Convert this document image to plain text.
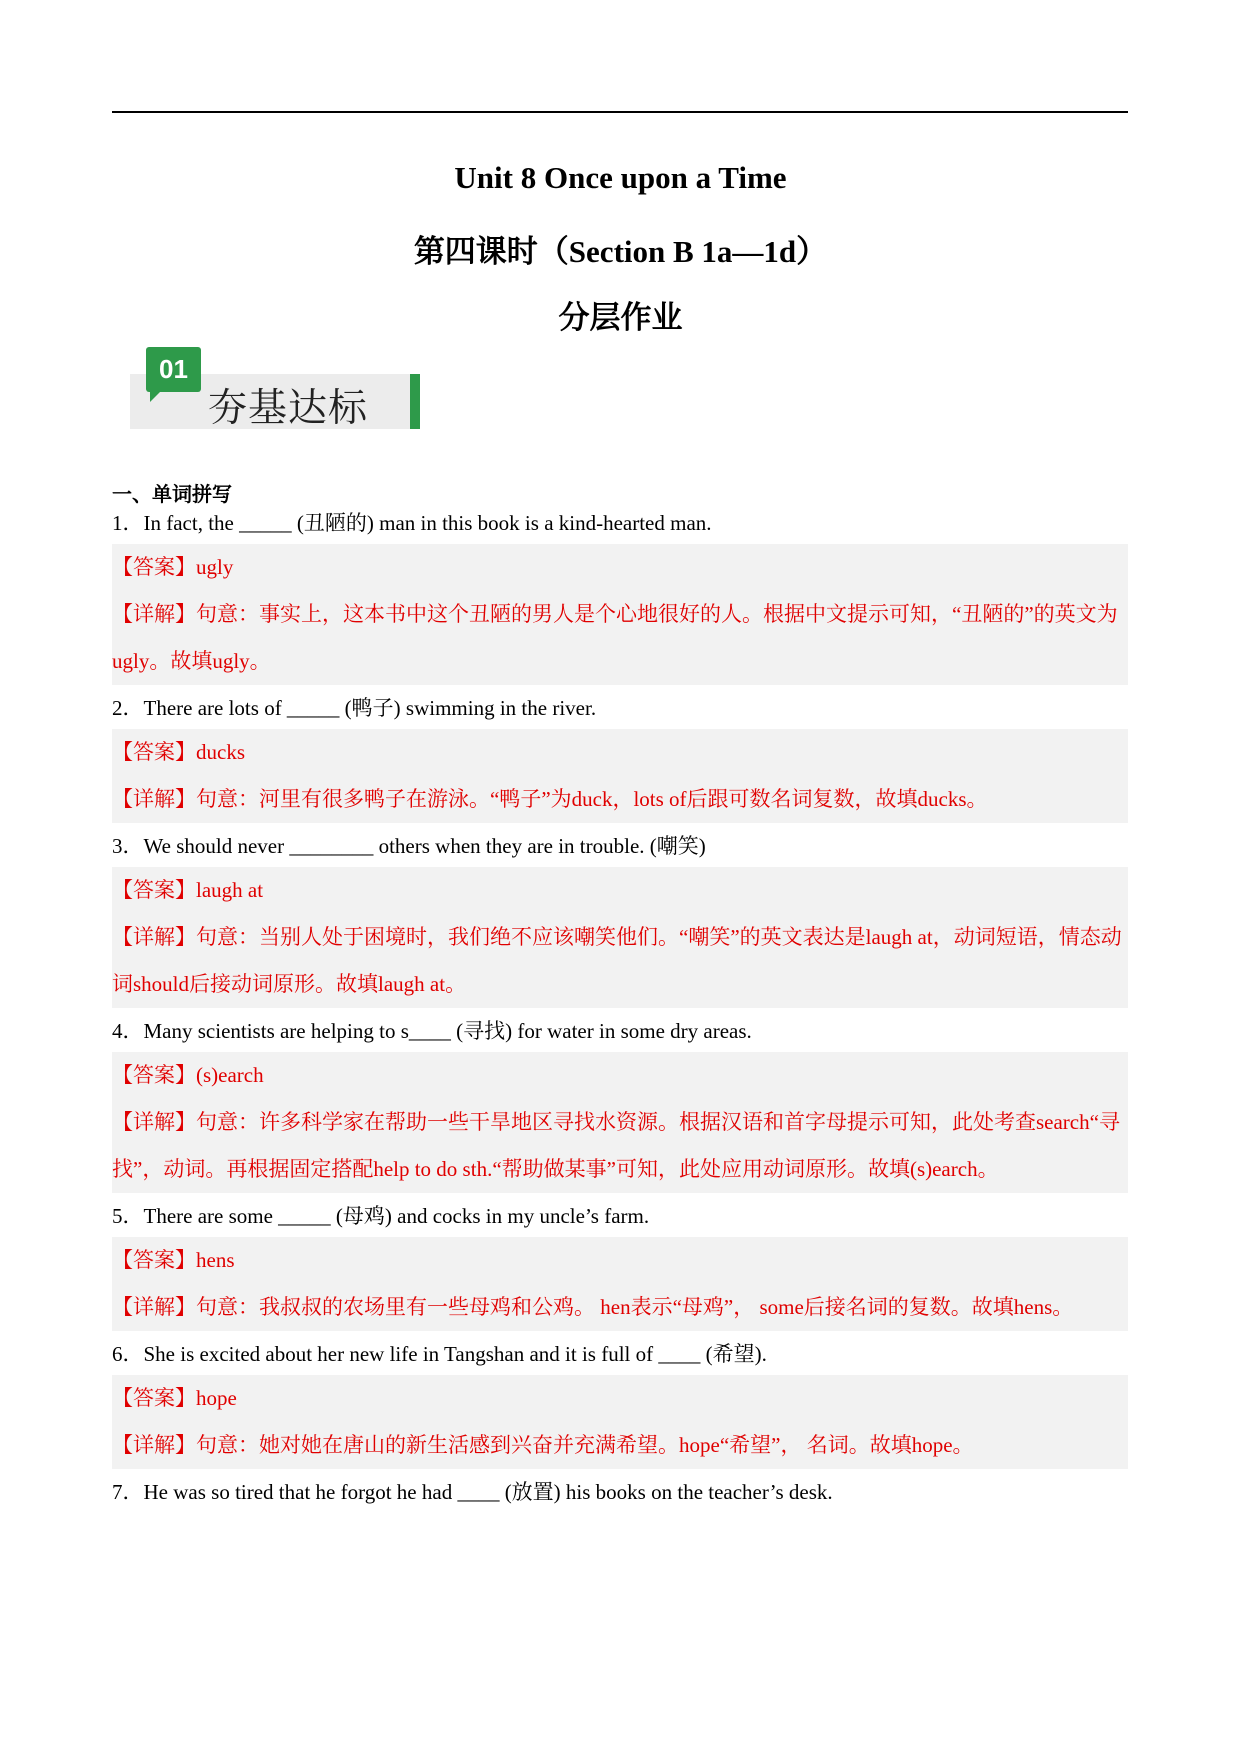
Unit 8 Once upon a Time
第四课时（Section B 1a—1d）
分层作业
01
夯基达标
一、单词拼写
1．In fact, the _____ (丑陋的) man in this book is a kind-hearted man.

【答案】ugly

【详解】句意：事实上，这本书中这个丑陋的男人是个心地很好的人。根据中文提示可知，“丑陋的”的英文为ugly。故填ugly。

2．There are lots of _____ (鸭子) swimming in the river.

【答案】ducks

【详解】句意：河里有很多鸭子在游泳。“鸭子”为duck，lots of后跟可数名词复数，故填ducks。

3．We should never ________ others when they are in trouble. (嘲笑)

【答案】laugh at

【详解】句意：当别人处于困境时，我们绝不应该嘲笑他们。“嘲笑”的英文表达是laugh at，动词短语，情态动词should后接动词原形。故填laugh at。

4．Many scientists are helping to s____ (寻找) for water in some dry areas.

【答案】(s)earch

【详解】句意：许多科学家在帮助一些干旱地区寻找水资源。根据汉语和首字母提示可知，此处考查search“寻找”，动词。再根据固定搭配help to do sth.“帮助做某事”可知，此处应用动词原形。故填(s)earch。

5．There are some _____ (母鸡) and cocks in my uncle’s farm.

【答案】hens

【详解】句意：我叔叔的农场里有一些母鸡和公鸡。 hen表示“母鸡”， some后接名词的复数。故填hens。

6．She is excited about her new life in Tangshan and it is full of ____ (希望).

【答案】hope

【详解】句意：她对她在唐山的新生活感到兴奋并充满希望。hope“希望”， 名词。故填hope。

7．He was so tired that he forgot he had ____ (放置) his books on the teacher’s desk.
